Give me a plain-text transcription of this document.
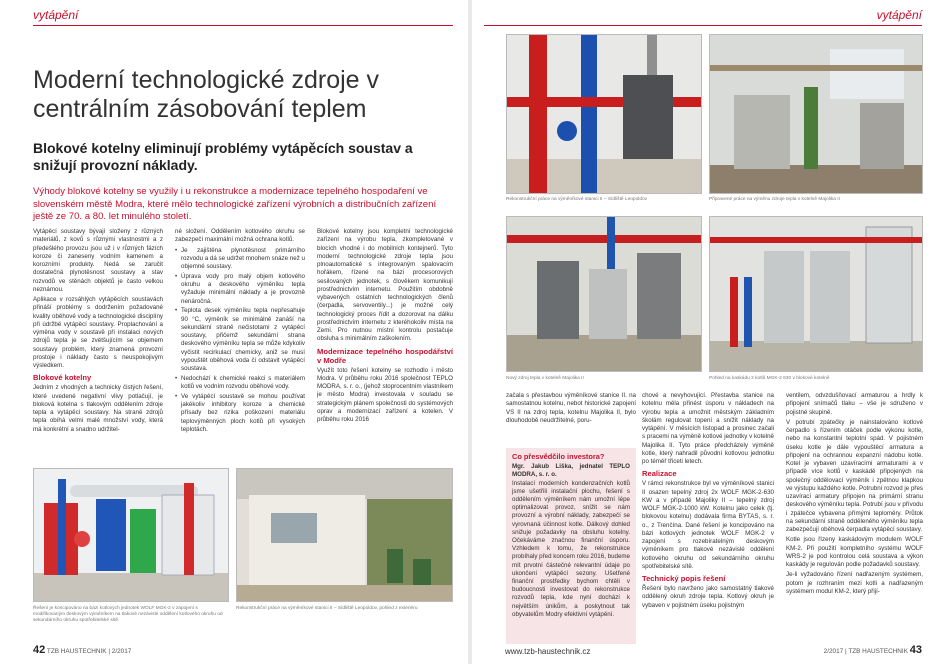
vytápění
Moderní technologické zdroje v centrálním zásobování teplem
Blokové kotelny eliminují problémy vytápěcích soustav a snižují provozní náklady.
Výhody blokové kotelny se využily i u rekonstrukce a modernizace tepelného hospodaření ve slovenském městě Modra, které mělo technologické zařízení výrobních a distribučních zařízení ještě ze 70. a 80. let minulého století.

Vytápěcí soustavy bývají složeny z různých materiálů, z kovů s různými vlastnostmi a z předešlého provozu jsou už i v různých fázích koroze či zaneseny vodním kamenem a korozními produkty. Nedá se zaručit dostatečná plynotěsnost soustavy a stav rozvodů ve stěnách objektů je často velkou neznámou.

Aplikace v rozsáhlých vytápěcích soustavách přináší problémy s dodržením požadované kvality oběhové vody a technologické disciplíny při údržbě vytápěcí soustavy. Proplachování a výměna vody v soustavě při instalaci nových zdrojů tepla je se zvětšujícím se objemem soustavy problém, který znamená provozní prostoje i náklady často s neuspokojivým výsledkem.

Blokové kotelny

Jedním z vhodných a technicky čistých řešení, které uvedené negativní vlivy potlačují, je bloková kotelna s tlakovým oddělením zdroje tepla a vytápěcí soustavy. Na straně zdrojů tepla obíhá velmi malé množství vody, která má konkrétní a snadno udržitel-

né složení. Oddělením kotlového okruhu se zabezpečí maximální možná ochrana kotlů.

• Je zajištěna plynotěsnost primárního rozvodu a dá se udržet mnohem snáze než u objemné soustavy.
• Úprava vody pro malý objem kotlového okruhu a deskového výměníku tepla vyžaduje minimální náklady a je provozně nenáročná.
• Teplota desek výměníku tepla nepřesahuje 90 °C, výměník se minimálně zanáší na sekundární straně nečistotami z vytápěcí soustavy, přičemž sekundární strana deskového výměníku tepla se může kdykoliv vyčistit recirkulací chemicky, aniž se musí vypouštět oběhová voda či odstavit vytápěcí soustava.
• Nedochází k chemické reakci s materiálem kotlů ve vodním rozvodu oběhové vody.
• Ve vytápěcí soustavě se mohou používat jakékoliv inhibitory koroze a chemické přísady bez rizika poškození materiálu teplovýměnných ploch kotlů při vysokých teplotách.

Blokové kotelny jsou kompletní technologické zařízení na výrobu tepla, zkompletované v blocích vhodné i do mobilních kontejnerů. Tyto moderní technologické zdroje tepla jsou plnoautomatické s integrovaným spalovacím hořákem, řízené na bázi procesorových sesilovaných jednotek, s člověkem komunikují prostřednictvím internetu. Použitím obdobně vybavených ostatních technologických členů (čerpadla, servoventily...) je možné celý technologický proces řídit a dozorovat na dálku prostřednictvím internetu z kteréhokoliv místa na Zemi. Pro nutnou místní kontrolu postačuje obsluha s minimálním zaškolením.

Modernizace tepelného hospodářství v Modře

Využít toto řešení kotelny se rozhodlo i město Modra. V průběhu roku 2016 společnost TEPLO MODRA, s. r. o., (jehož stoprocentním vlastníkem je město Modra) investovala v souladu se strategickým plánem společnosti do systémových oprav a modernizací zařízení a kotelen. V průběhu roku 2016

Řešení je koncipováno na bázi kotlových jednotek WOLF MGK-2 v zapojení s modifikovaným deskovým výměníkem na tlakové nezávislé oddělení kotlového okruhu od sekundárního okruhu spotřebitelské sítě.
Rekonstrukční práce na výměníkové stanici II – Sídliště Leopoldov, pohled z exteriéru
42 TZB HAUSTECHNIK | 2/2017
vytápění
Rekonstrukční práce na výměníkové stanici II – Sídliště Leopoldov	Připravené práce na výměnu zdroje tepla v kotelně Majolika II
Nový zdroj tepla v kotelně Majolika II	Pohled na kaskádu 2 kotlů MGK-2 630 v blokové kotelně

začala s přestavbou výměníkové stanice II. na samostatnou kotelnu, nebot historické zapojení VS II na zdroj tepla, kotelnu Majolika II, bylo dlouhodobě neudržitelné, poru-

Co přesvědčilo investora?
Mgr. Jakub Liška, jednatel TEPLO MODRA, s. r. o.
Instalací moderních kondenzačních kotlů jsme ušetřili instalační plochu, řešení s oddělením výměníkem nám umožní lépe optimalizovat provoz, snížit se nám provozní a výrobní náklady, zabezpečí se vyrovnaná účinnost kotle. Dálkový dohled snižuje požadavky na obsluhu kotelny. Očekáváme značnou finanční úsporu. Vzhledem k tomu, že rekonstrukce probíhaly před koncem roku 2016, budeme mít prvotní částečné relevantní údaje po ukončení vytápěcí sezony. Ušetřené finanční prostředky bychom chtěli v budoucnosti investovat do rekonstrukce rozvodů tepla, kde nyní dochází k největším únikům, a poskytnout tak obyvatelům Modry efektivní vytápění.

chové a nevyhovující. Přestavba stanice na kotelnu měla přinést úsporu v nákladech na výrobu tepla a umožnit městským základním školám regulovat topení a snížit náklady na vytápění. V měsících listopad a prosinec začali s pracemi na výměně kotlové jednotky v kotelně Majolika II. Tyto práce předcházely výměně kotle, který nahradil původní kotlovou jednotku po téměř třiceti letech.

Realizace

V rámci rekonstrukce byl ve výměníkové stanici II osazen tepelný zdroj 2x WOLF MGK-2-630 KW a v případě Majoliky II – tepelný zdroj WOLF MGK-2-1000 kW. Kotelnu jako celek (tj. blokovou kotelnu) dodávala firma BYTAS, s. r. o., z Trenčína. Dané řešení je koncipováno na bázi kotlových jednotek WOLF MGK-2 v zapojení s rozebíratelným deskovým výměníkem pro tlakové nezávislé oddělení kotlového okruhu od sekundárního okruhu spotřebitelské sítě.

Technický popis řešení

Řešení bylo navrženo jako samostatný tlakové oddělený okruh zdroje tepla. Kotlový okruh je vybaven v pojistném úseku pojistným

ventilem, odvzdušňovací armaturou a hrdly k připojení snímačů tlaku – vše je sdruženo v pojistné skupině.

V potrubí zpátečky je nainstalováno kotlové čerpadlo s řízením otáček podle výkonu kotle, nebo na konstantní teplotní spád. V pojistném úseku kotle je dále vypouštěcí armatura a připojení na ochrannou expanzní nádobu kotle. Kotel je vybaven uzavíracími armaturami a v případě více kotlů v kaskádě připojených na společný oddělovací výměník i zpětnou klapkou ve výstupu každého kotle. Potrubní rozvod je přes uzavírací armatury připojen na primární stranu deskového výměníku tepla. Potrubí jsou v přívodu i zpátečce vybavena přímými teploměry. Průtok na sekundární straně odděleného výměníku tepla zabezpečují oběhová čerpadla vytápěcí soustavy.

Kotle jsou řízeny kaskádovým modulem WOLF KM-2. Při použití kompletního systému WOLF WRS-2 je pod kontrolou celá soustava a výkon kaskády je regulován podle požadavků soustavy.

Je-li vyžadováno řízení nadřazeným systémem, potom je rozhraním mezi kotli a nadřazeným systémem modul KM-2, který přijí-

www.tzb-haustechnik.cz	2/2017 | TZB HAUSTECHNIK 43
